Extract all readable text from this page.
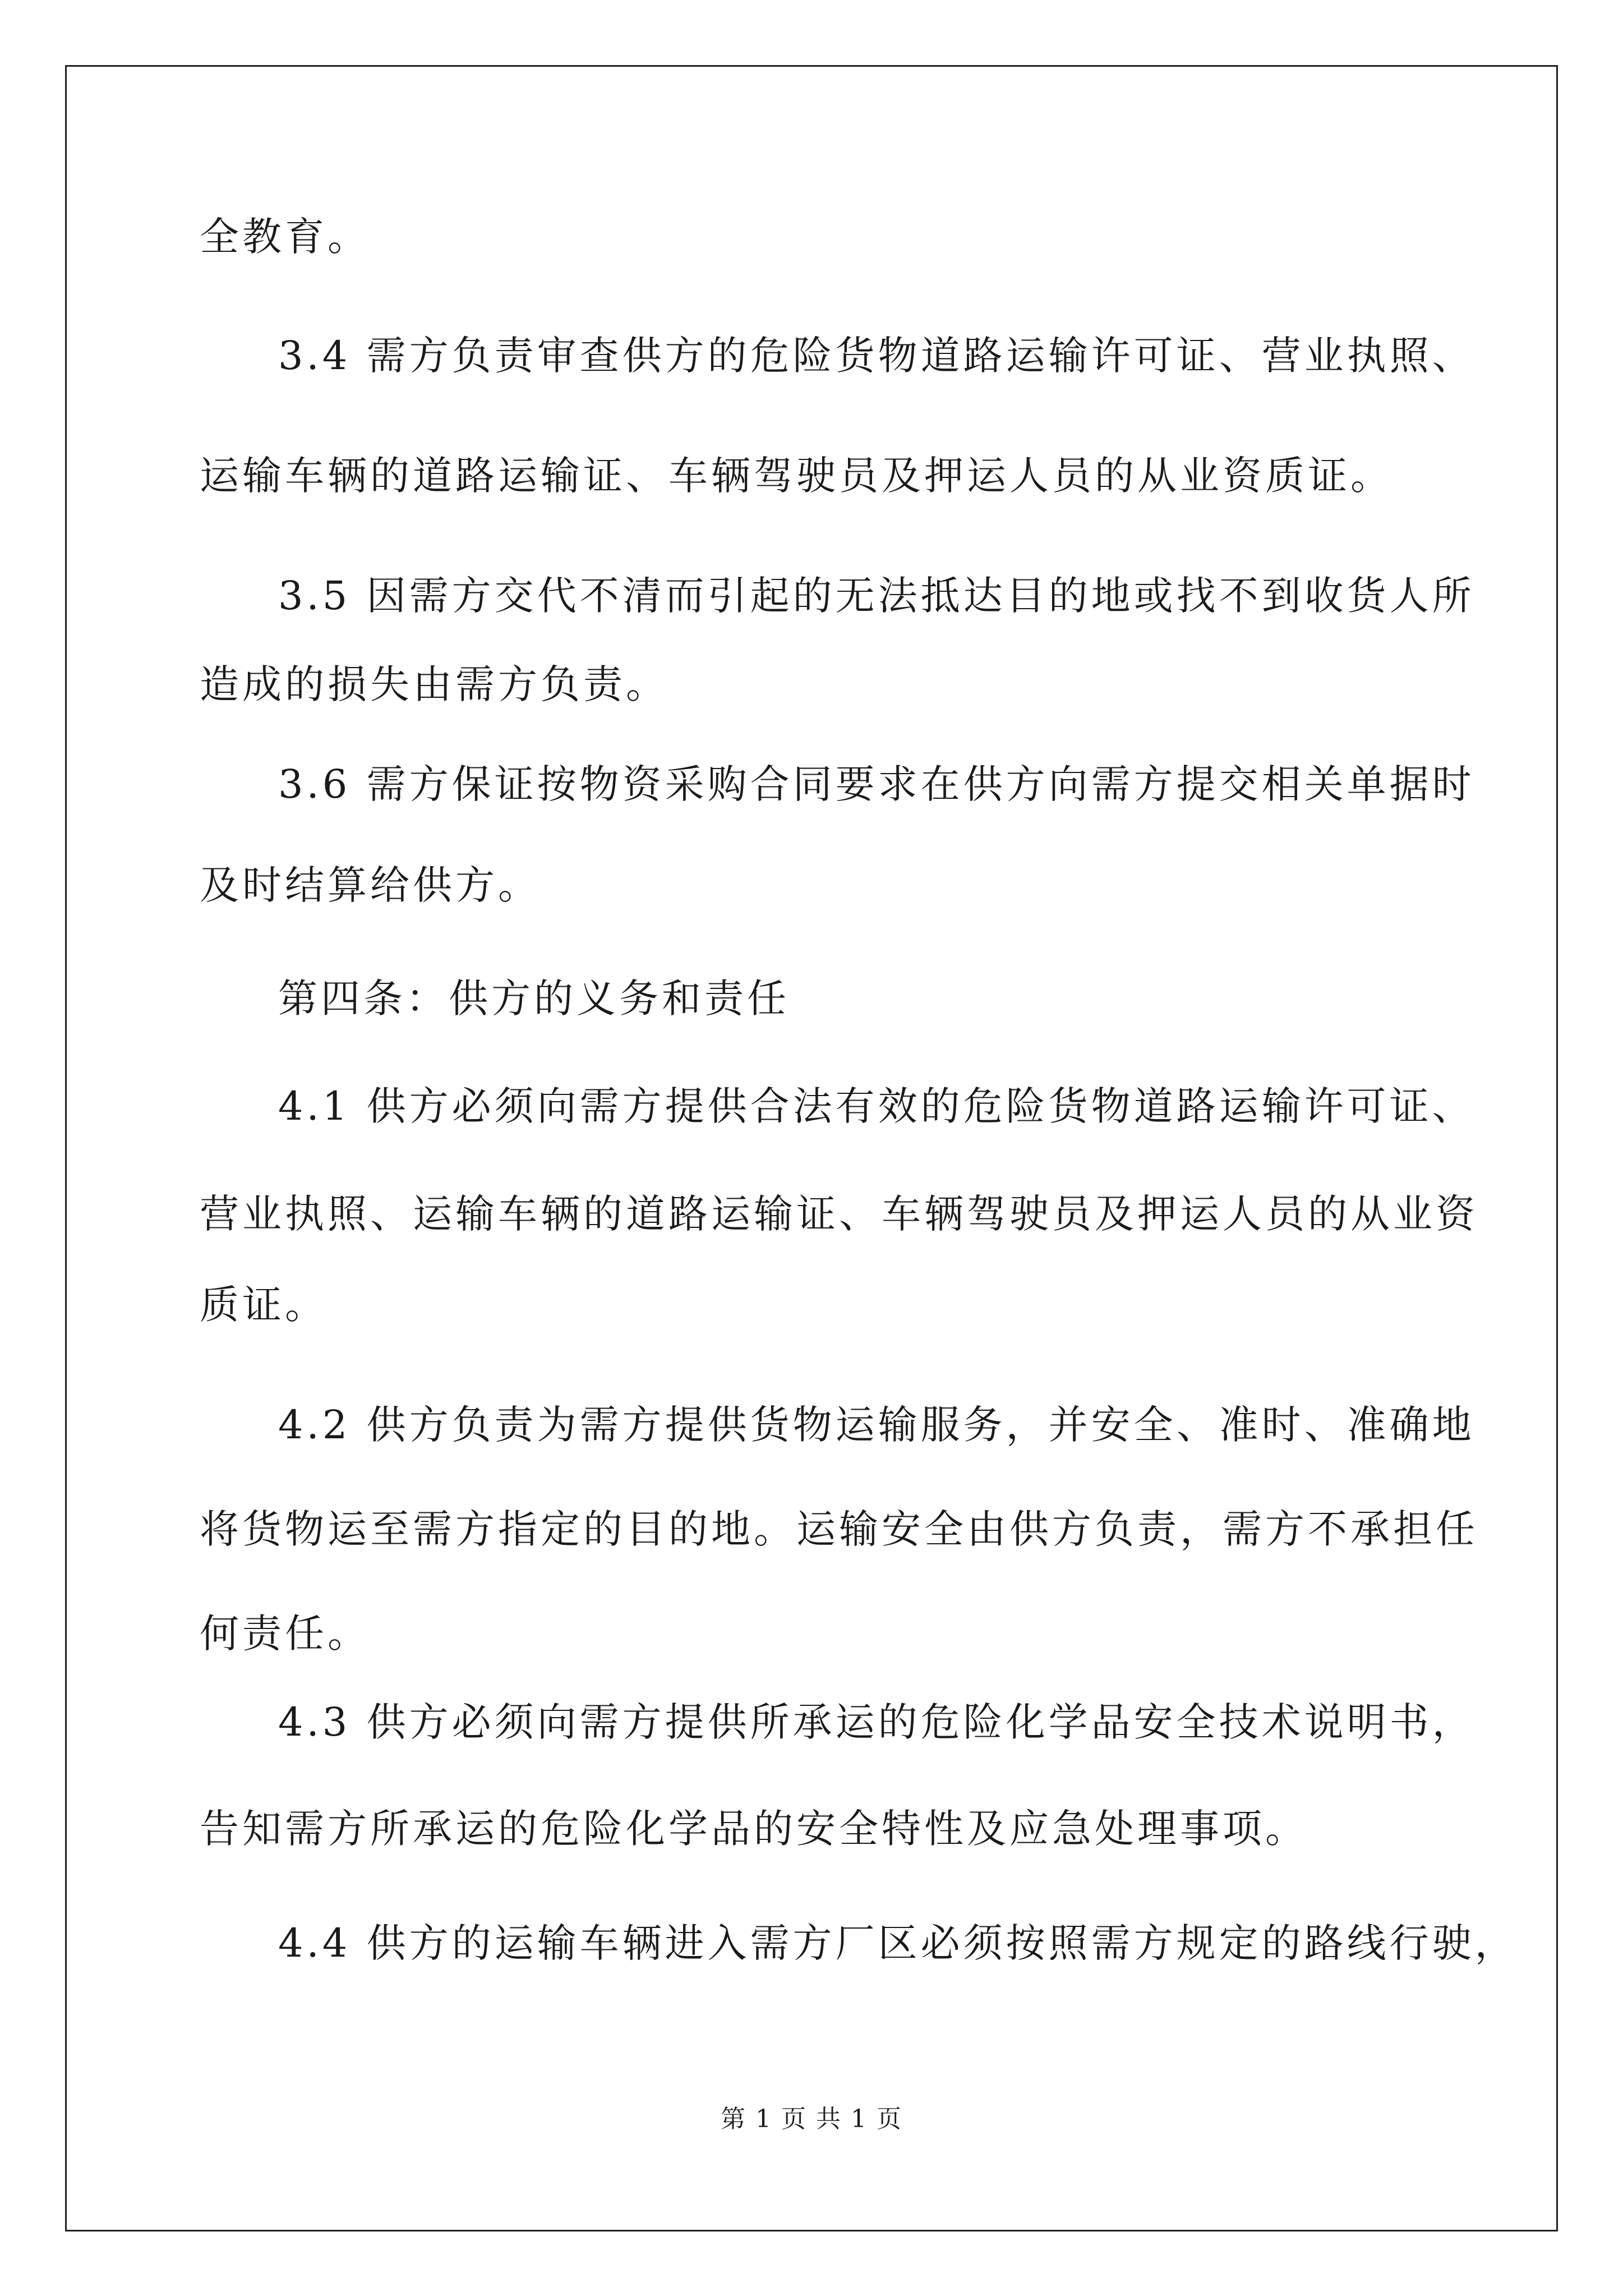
全教育。
3.4 需方负责审查供方的危险货物道路运输许可证、营业执照、
运输车辆的道路运输证、车辆驾驶员及押运人员的从业资质证。
3.5 因需方交代不清而引起的无法抵达目的地或找不到收货人所
造成的损失由需方负责。
3.6 需方保证按物资采购合同要求在供方向需方提交相关单据时
及时结算给供方。
第四条：供方的义务和责任
4.1 供方必须向需方提供合法有效的危险货物道路运输许可证、
营业执照、运输车辆的道路运输证、车辆驾驶员及押运人员的从业资
质证。
4.2 供方负责为需方提供货物运输服务，并安全、准时、准确地
将货物运至需方指定的目的地。运输安全由供方负责，需方不承担任
何责任。
4.3 供方必须向需方提供所承运的危险化学品安全技术说明书，
告知需方所承运的危险化学品的安全特性及应急处理事项。
4.4 供方的运输车辆进入需方厂区必须按照需方规定的路线行驶，
第 1 页 共 1 页
